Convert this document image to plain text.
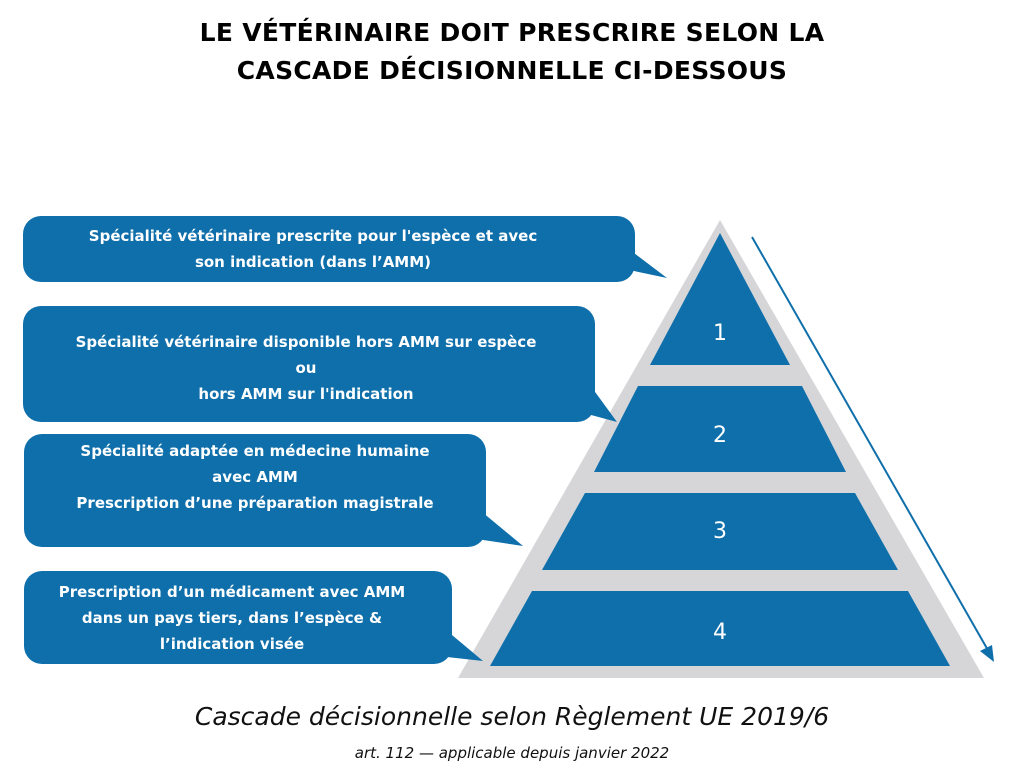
LE VÉTÉRINAIRE DOIT PRESCRIRE SELON LA
CASCADE DÉCISIONNELLE CI-DESSOUS
1
2
3
4
Spécialité vétérinaire prescrite pour l'espèce et avec
son indication (dans l’AMM)
Spécialité vétérinaire disponible hors AMM sur espèce
ou
hors AMM sur l'indication
Spécialité adaptée en médecine humaine
avec AMM
Prescription d’une préparation magistrale
Prescription d’un médicament avec AMM
dans un pays tiers, dans l’espèce &
l’indication visée
Cascade décisionnelle selon Règlement UE 2019/6
art. 112 — applicable depuis janvier 2022
